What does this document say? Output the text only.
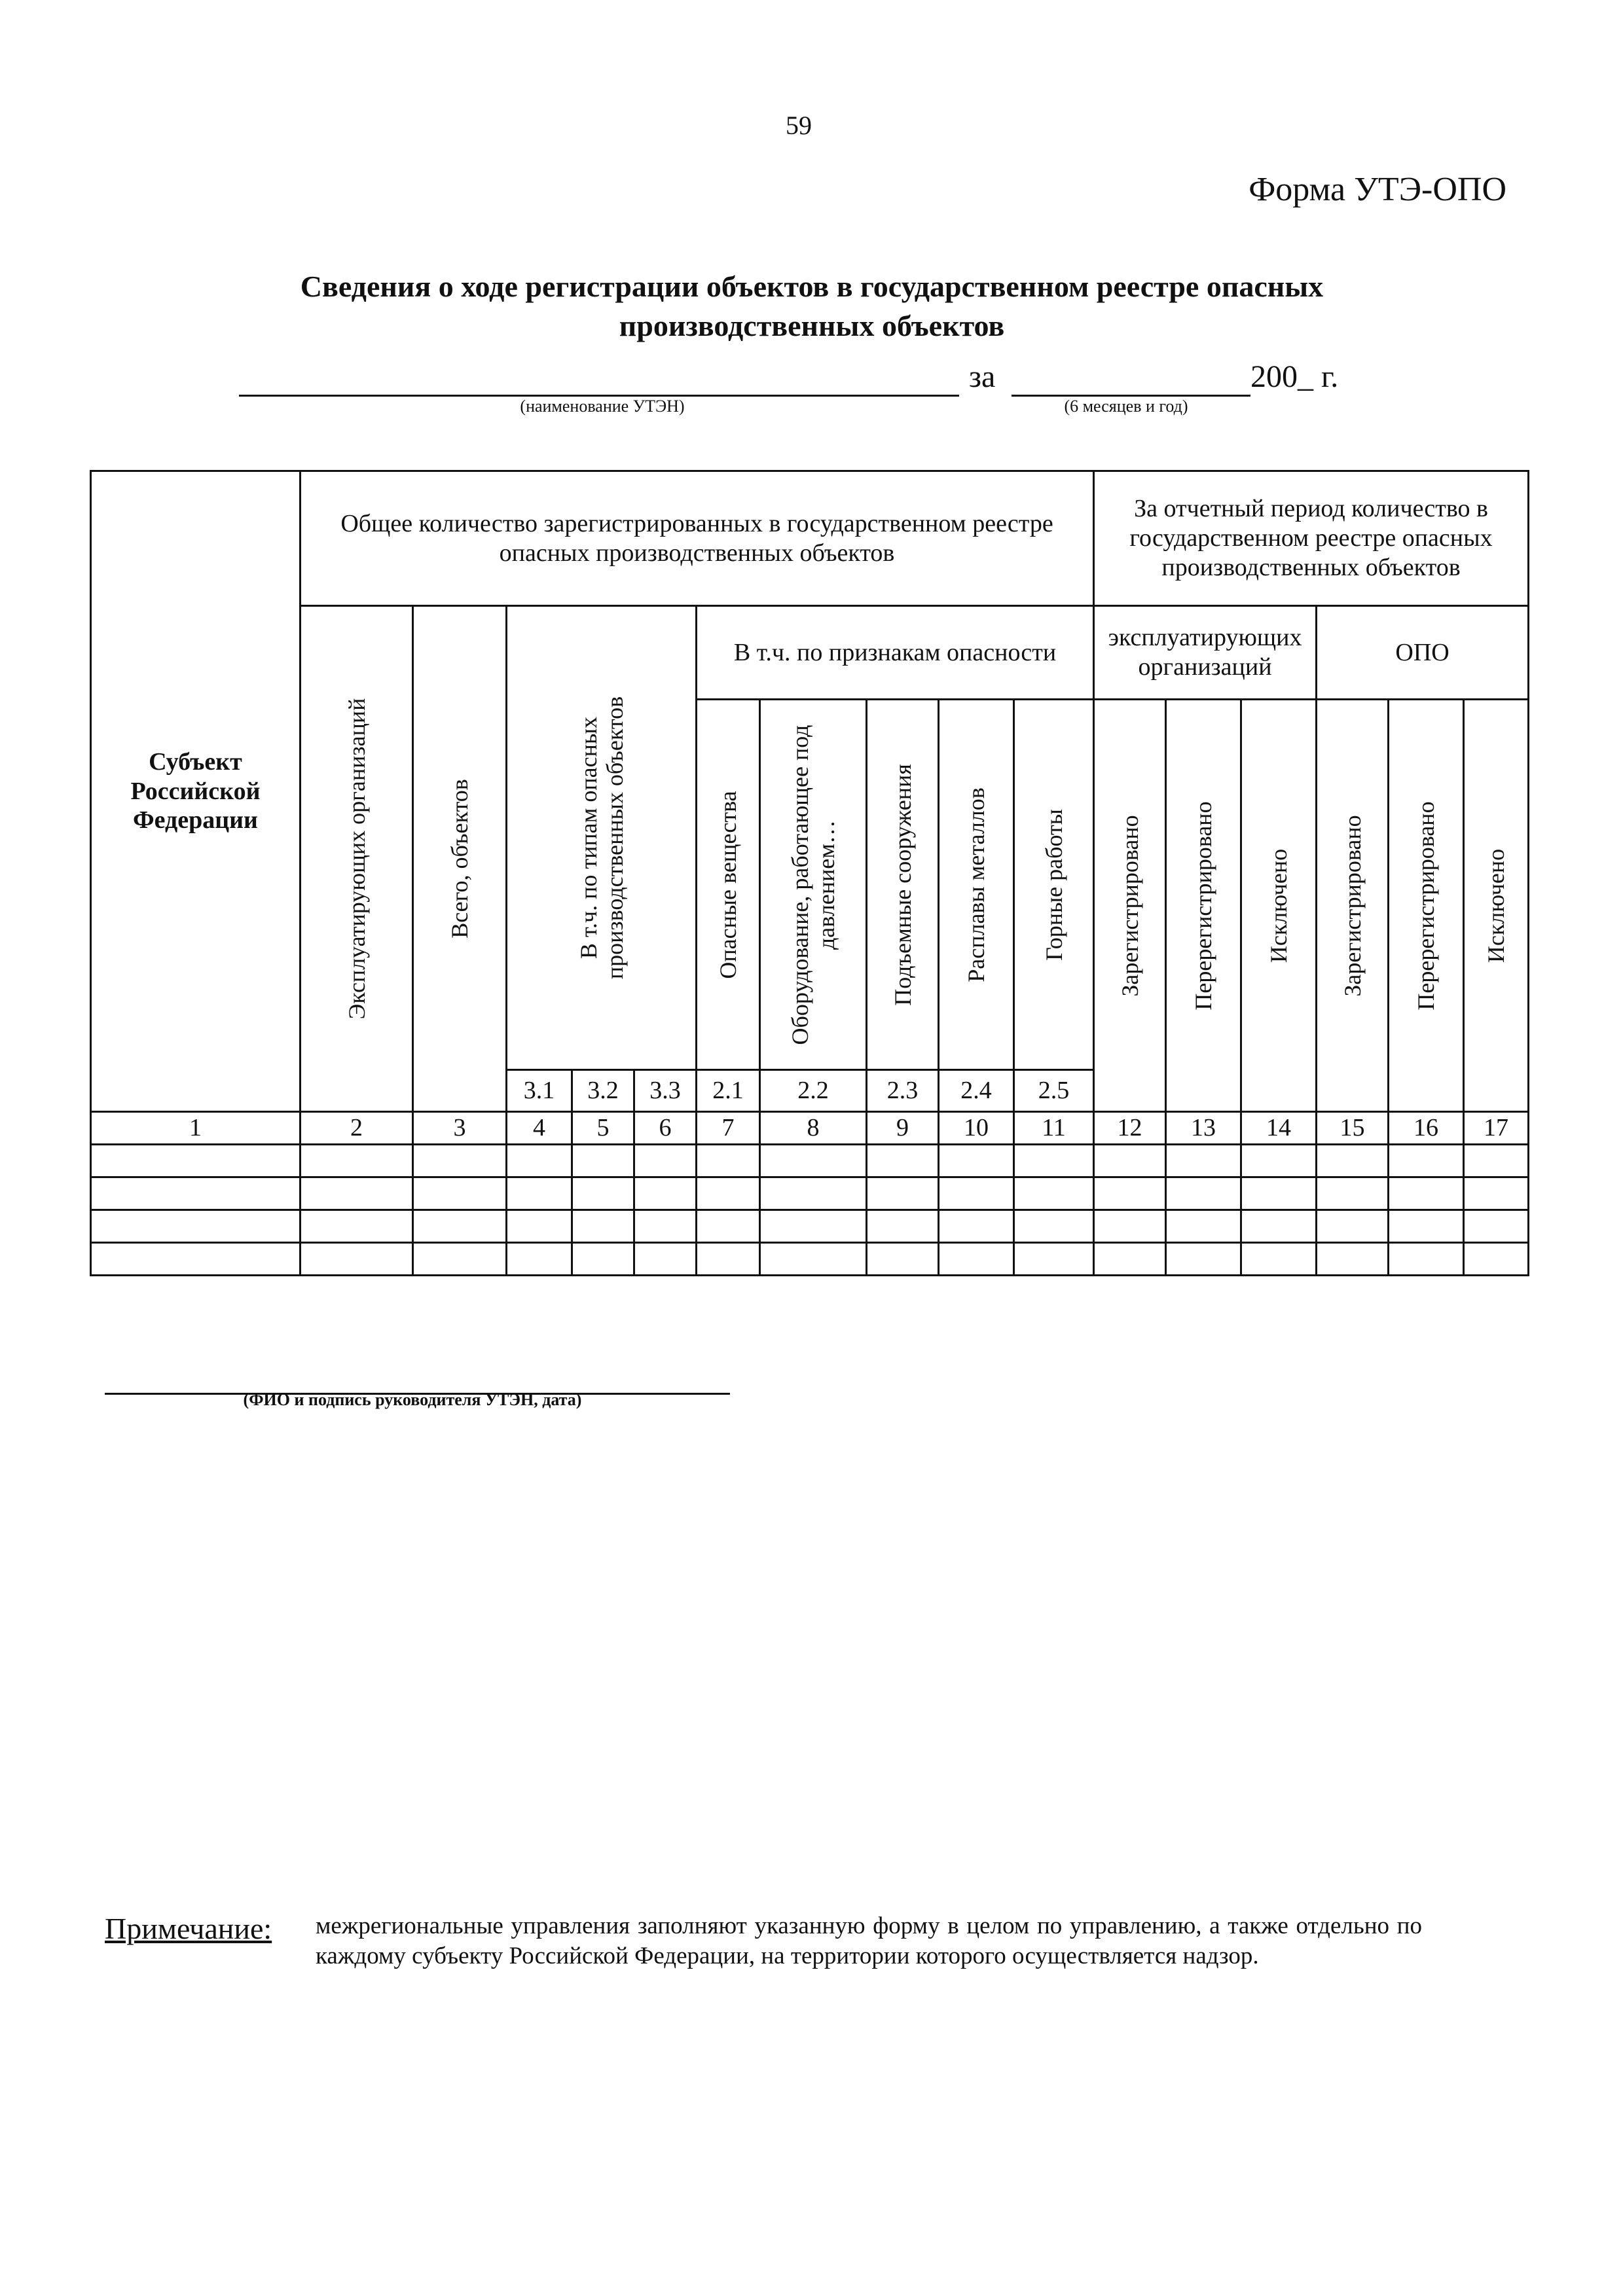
59
Форма УТЭ-ОПО
Сведения о ходе регистрации объектов в государственном реестре опасных
производственных объектов
(наименование УТЭН)
за
(6 месяцев и год)
200_ г.
Субъект Российской Федерации	Общее количество зарегистрированных в государственном реестре опасных производственных объектов										За отчетный период количество в государственном реестре опасных производственных объектов					

	Эксплуатирующих организаций	Всего, объектов	В т.ч. по типам опасных производственных объектов			В т.ч. по признакам опасности					эксплуатирующих организаций			ОПО		

						Опасные вещества	Оборудование, работающее под давлением…	Подъемные сооружения	Расплавы металлов	Горные работы	Зарегистрировано	Перерегистрировано	Исключено	Зарегистрировано	Перерегистрировано	Исключено

			3.1	3.2	3.3	2.1	2.2	2.3	2.4	2.5						
1	2	3	4	5	6	7	8	9	10	11	12	13	14	15	16	17

(ФИО и подпись руководителя УТЭН, дата)
Примечание: межрегиональные управления заполняют указанную форму в целом по управлению, а также отдельно по каждому субъекту Российской Федерации, на территории которого осуществляется надзор.
